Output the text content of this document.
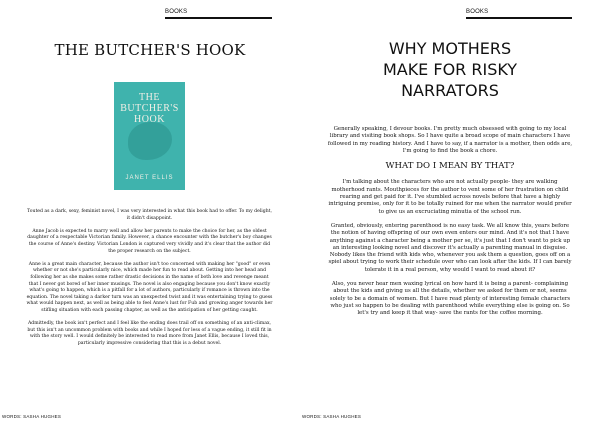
BOOKS
THE BUTCHER'S HOOK
THE
BUTCHER'S
HOOK
JANET ELLIS

Touted as a dark, sexy, feminist novel, I was very interested in what this book had to offer. To my delight, it didn't disappoint.

Anne Jacob is expected to marry well and allow her parents to make the choice for her, as the oldest daughter of a respectable Victorian family. However, a chance encounter with the butcher's boy changes the course of Anne's destiny. Victorian London is captured very vividly and it's clear that the author did the proper research on the subject.

Anne is a great main character, because the author isn't too concerned with making her "good" or even whether or not she's particularly nice, which made her fun to read about. Getting into her head and following her as she makes some rather drastic decisions in the name of both love and revenge meant that I never got bored of her inner musings. The novel is also engaging because you don't know exactly what's going to happen, which is a pitfall for a lot of authors, particularly if romance is thrown into the equation. The novel taking a darker turn was an unexpected twist and it was entertaining trying to guess what would happen next, as well as being able to feel Anne's lust for Fub and growing anger towards her stifling situation with each passing chapter, as well as the anticipation of her getting caught.

Admittedly, the book isn't perfect and I feel like the ending does trail off on something of an anti-climax, but this isn't an uncommon problem with books and while I hoped for less of a vague ending, it still fit in with the story well. I would definitely be interested to read more from Janet Ellis, because I loved this, particularly impressive considering that this is a debut novel.

WORDS: SASHA HUGHES
BOOKS
WHY MOTHERS
MAKE FOR RISKY
NARRATORS

Generally speaking, I devour books. I'm pretty much obsessed with going to my local library and visiting book shops. So I have quite a broad scope of main characters I have followed in my reading history. And I have to say, if a narrator is a mother, then odds are, I'm going to find the book a chore.

WHAT DO I MEAN BY THAT?

I'm talking about the characters who are not actually people- they are walking motherhood rants. Mouthpieces for the author to vent some of her frustration on child rearing and get paid for it. I've stumbled across novels before that have a highly intriguing premise, only for it to be totally ruined for me when the narrator would prefer to give us an excruciating minutia of the school run.

Granted, obviously, entering parenthood is no easy task. We all know this, years before the notion of having offspring of our own even enters our mind. And it's not that I have anything against a character being a mother per se, it's just that I don't want to pick up an interesting looking novel and discover it's actually a parenting manual in disguise. Nobody likes the friend with kids who, whenever you ask them a question, goes off on a spiel about trying to work their schedule over who can look after the kids. If I can barely tolerate it in a real person, why would I want to read about it?

Also, you never hear men waxing lyrical on how hard it is being a parent- complaining about the kids and giving us all the details, whether we asked for them or not, seems solely to be a domain of women. But I have read plenty of interesting female characters who just so happen to be dealing with parenthood while everything else is going on. So let's try and keep it that way- save the rants for the coffee morning.

WORDS: SASHA HUGHES
